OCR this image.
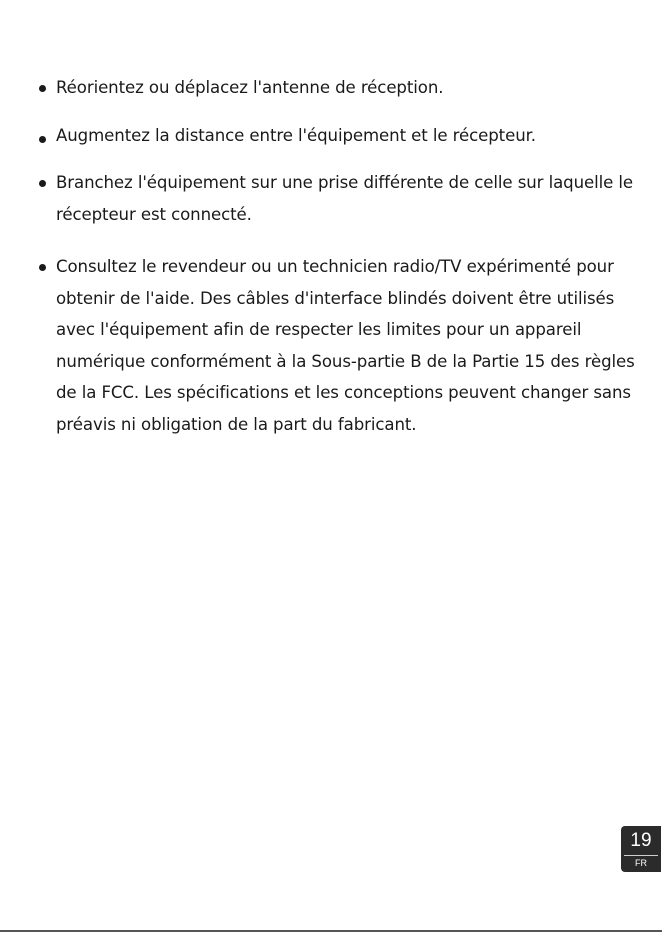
Réorientez ou déplacez l'antenne de réception.
Augmentez la distance entre l'équipement et le récepteur.
Branchez l'équipement sur une prise différente de celle sur laquelle le récepteur est connecté.
Consultez le revendeur ou un technicien radio/TV expérimenté pour obtenir de l'aide. Des câbles d'interface blindés doivent être utilisés avec l'équipement afin de respecter les limites pour un appareil numérique conformément à la Sous-partie B de la Partie 15 des règles de la FCC. Les spécifications et les conceptions peuvent changer sans préavis ni obligation de la part du fabricant.
19
FR
